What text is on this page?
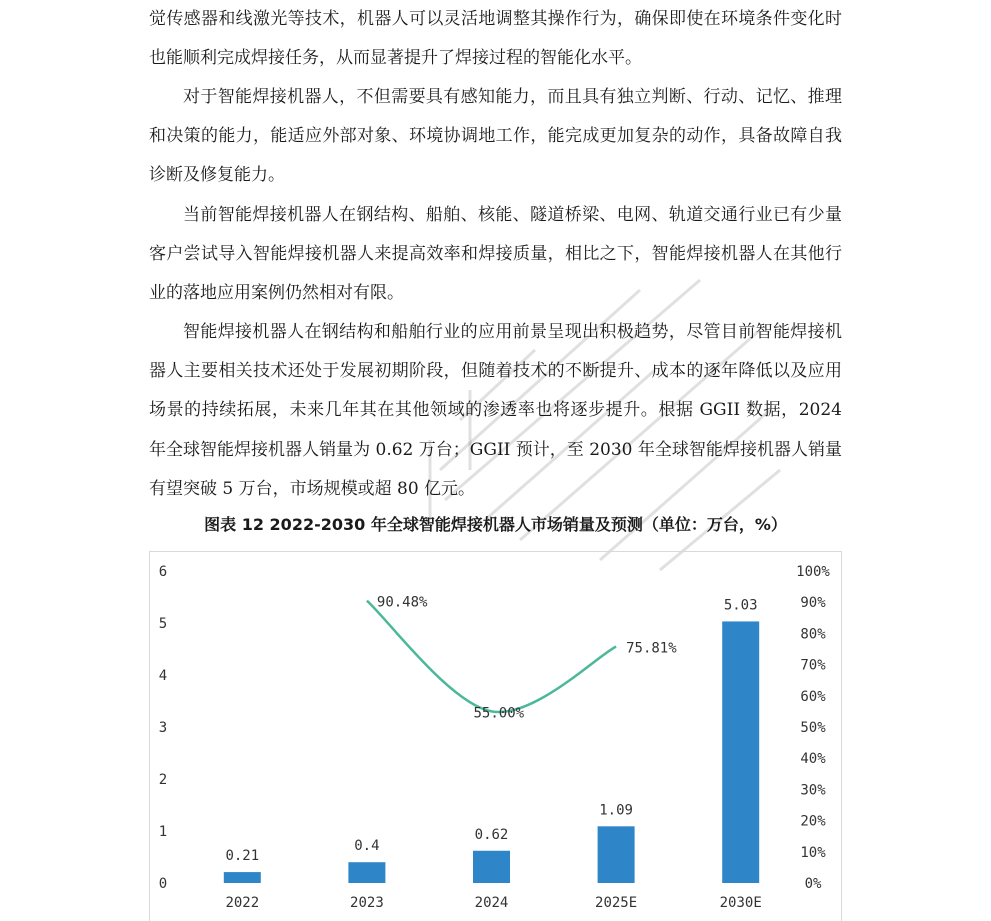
觉传感器和线激光等技术，机器人可以灵活地调整其操作行为，确保即使在环境条件变化时也能顺利完成焊接任务，从而显著提升了焊接过程的智能化水平。

对于智能焊接机器人，不但需要具有感知能力，而且具有独立判断、行动、记忆、推理和决策的能力，能适应外部对象、环境协调地工作，能完成更加复杂的动作，具备故障自我诊断及修复能力。

当前智能焊接机器人在钢结构、船舶、核能、隧道桥梁、电网、轨道交通行业已有少量客户尝试导入智能焊接机器人来提高效率和焊接质量，相比之下，智能焊接机器人在其他行业的落地应用案例仍然相对有限。

智能焊接机器人在钢结构和船舶行业的应用前景呈现出积极趋势，尽管目前智能焊接机器人主要相关技术还处于发展初期阶段，但随着技术的不断提升、成本的逐年降低以及应用场景的持续拓展，未来几年其在其他领域的渗透率也将逐步提升。根据 GGII 数据，2024 年全球智能焊接机器人销量为 0.62 万台；GGII 预计，至 2030 年全球智能焊接机器人销量有望突破 5 万台，市场规模或超 80 亿元。

图表 12 2022-2030 年全球智能焊接机器人市场销量及预测（单位：万台，%）
0
1
2
3
4
5
6
0%
10%
20%
30%
40%
50%
60%
70%
80%
90%
100%
0.21
0.4
0.62
1.09
5.03
90.48%
55.00%
75.81%
2022	2023	2024	2025E	2030E
